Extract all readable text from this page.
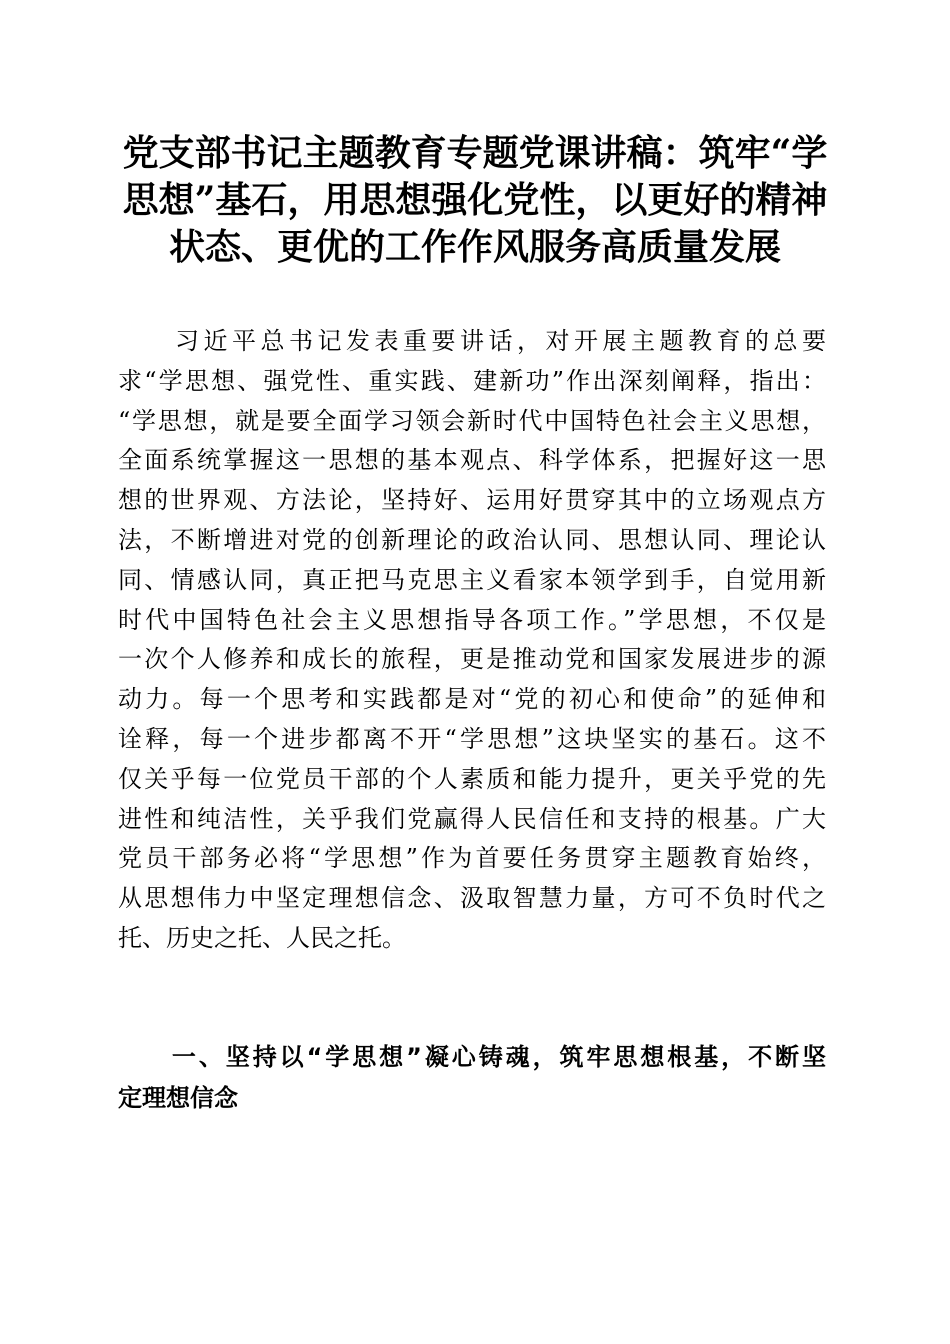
党支部书记主题教育专题党课讲稿：筑牢“学
思想”基石，用思想强化党性，以更好的精神
状态、更优的工作作风服务高质量发展
　　习近平总书记发表重要讲话，对开展主题教育的总要
求“学思想、强党性、重实践、建新功”作出深刻阐释，指出：
“学思想，就是要全面学习领会新时代中国特色社会主义思想，
全面系统掌握这一思想的基本观点、科学体系，把握好这一思
想的世界观、方法论，坚持好、运用好贯穿其中的立场观点方
法，不断增进对党的创新理论的政治认同、思想认同、理论认
同、情感认同，真正把马克思主义看家本领学到手，自觉用新
时代中国特色社会主义思想指导各项工作。”学思想，不仅是
一次个人修养和成长的旅程，更是推动党和国家发展进步的源
动力。每一个思考和实践都是对“党的初心和使命”的延伸和
诠释，每一个进步都离不开“学思想”这块坚实的基石。这不
仅关乎每一位党员干部的个人素质和能力提升，更关乎党的先
进性和纯洁性，关乎我们党赢得人民信任和支持的根基。广大
党员干部务必将“学思想”作为首要任务贯穿主题教育始终，
从思想伟力中坚定理想信念、汲取智慧力量，方可不负时代之
托、历史之托、人民之托。
　　一、坚持以“学思想”凝心铸魂，筑牢思想根基，不断坚
定理想信念
